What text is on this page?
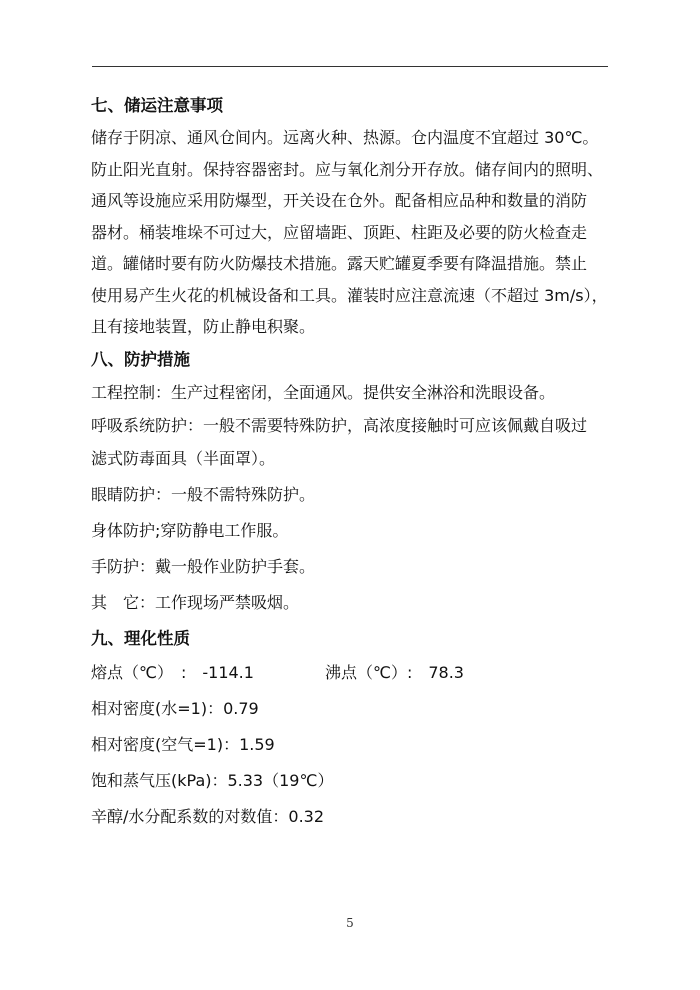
七、储运注意事项
储存于阴凉、通风仓间内。远离火种、热源。仓内温度不宜超过 30℃。
防止阳光直射。保持容器密封。应与氧化剂分开存放。储存间内的照明、
通风等设施应采用防爆型，开关设在仓外。配备相应品种和数量的消防
器材。桶装堆垛不可过大，应留墙距、顶距、柱距及必要的防火检查走
道。罐储时要有防火防爆技术措施。露天贮罐夏季要有降温措施。禁止
使用易产生火花的机械设备和工具。灌装时应注意流速（不超过 3m/s），
且有接地装置，防止静电积聚。
八、防护措施
工程控制：生产过程密闭，全面通风。提供安全淋浴和洗眼设备。
呼吸系统防护：一般不需要特殊防护，高浓度接触时可应该佩戴自吸过
滤式防毒面具（半面罩）。
眼睛防护：一般不需特殊防护。
身体防护;穿防静电工作服。
手防护：戴一般作业防护手套。
其　它：工作现场严禁吸烟。
九、理化性质
熔点（℃）　:　-114.1	沸点（℃）:　78.3
相对密度(水=1)：0.79
相对密度(空气=1)：1.59
饱和蒸气压(kPa)：5.33（19℃）
辛醇/水分配系数的对数值：0.32
5
